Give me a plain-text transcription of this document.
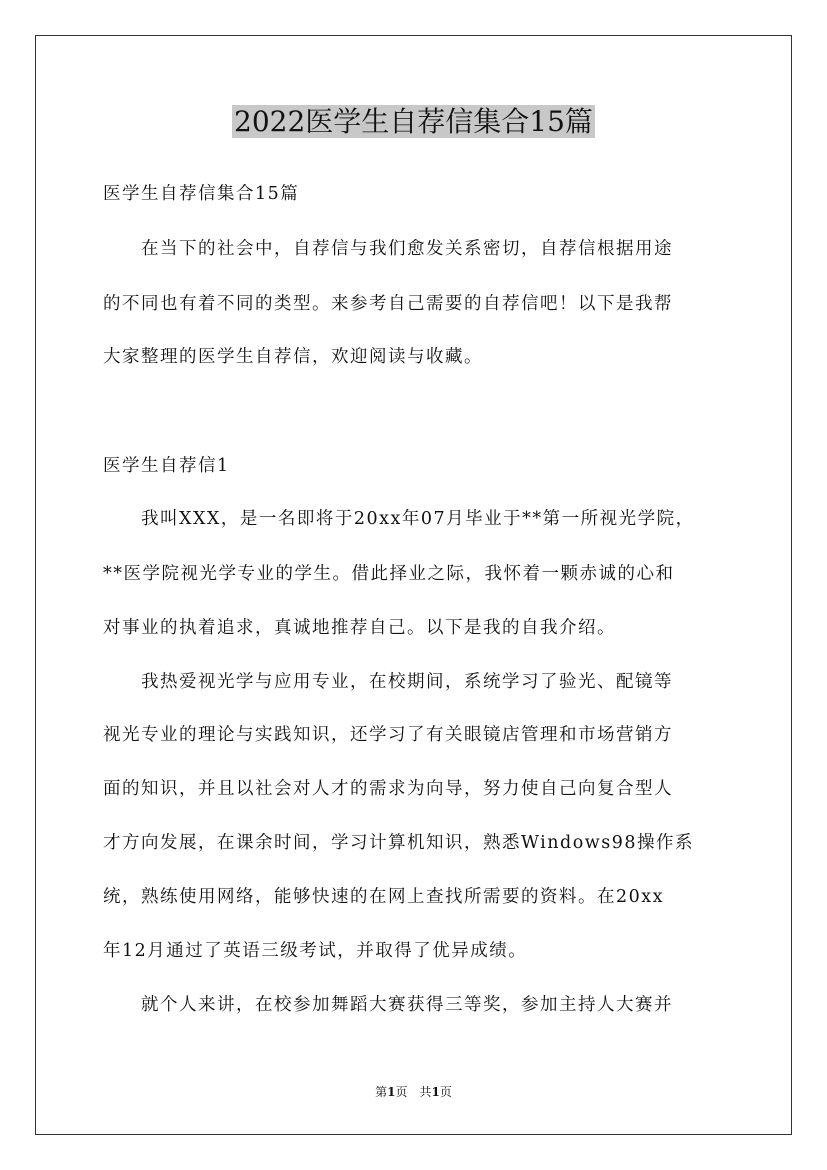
2022医学生自荐信集合15篇
医学生自荐信集合15篇
　　在当下的社会中，自荐信与我们愈发关系密切，自荐信根据用途
的不同也有着不同的类型。来参考自己需要的自荐信吧！以下是我帮
大家整理的医学生自荐信，欢迎阅读与收藏。
医学生自荐信1
　　我叫XXX，是一名即将于20xx年07月毕业于**第一所视光学院，
**医学院视光学专业的学生。借此择业之际，我怀着一颗赤诚的心和
对事业的执着追求，真诚地推荐自己。以下是我的自我介绍。
　　我热爱视光学与应用专业，在校期间，系统学习了验光、配镜等
视光专业的理论与实践知识，还学习了有关眼镜店管理和市场营销方
面的知识，并且以社会对人才的需求为向导，努力使自己向复合型人
才方向发展，在课余时间，学习计算机知识，熟悉Windows98操作系
统，熟练使用网络，能够快速的在网上查找所需要的资料。在20xx
年12月通过了英语三级考试，并取得了优异成绩。
　　就个人来讲，在校参加舞蹈大赛获得三等奖，参加主持人大赛并
第1页　共1页
